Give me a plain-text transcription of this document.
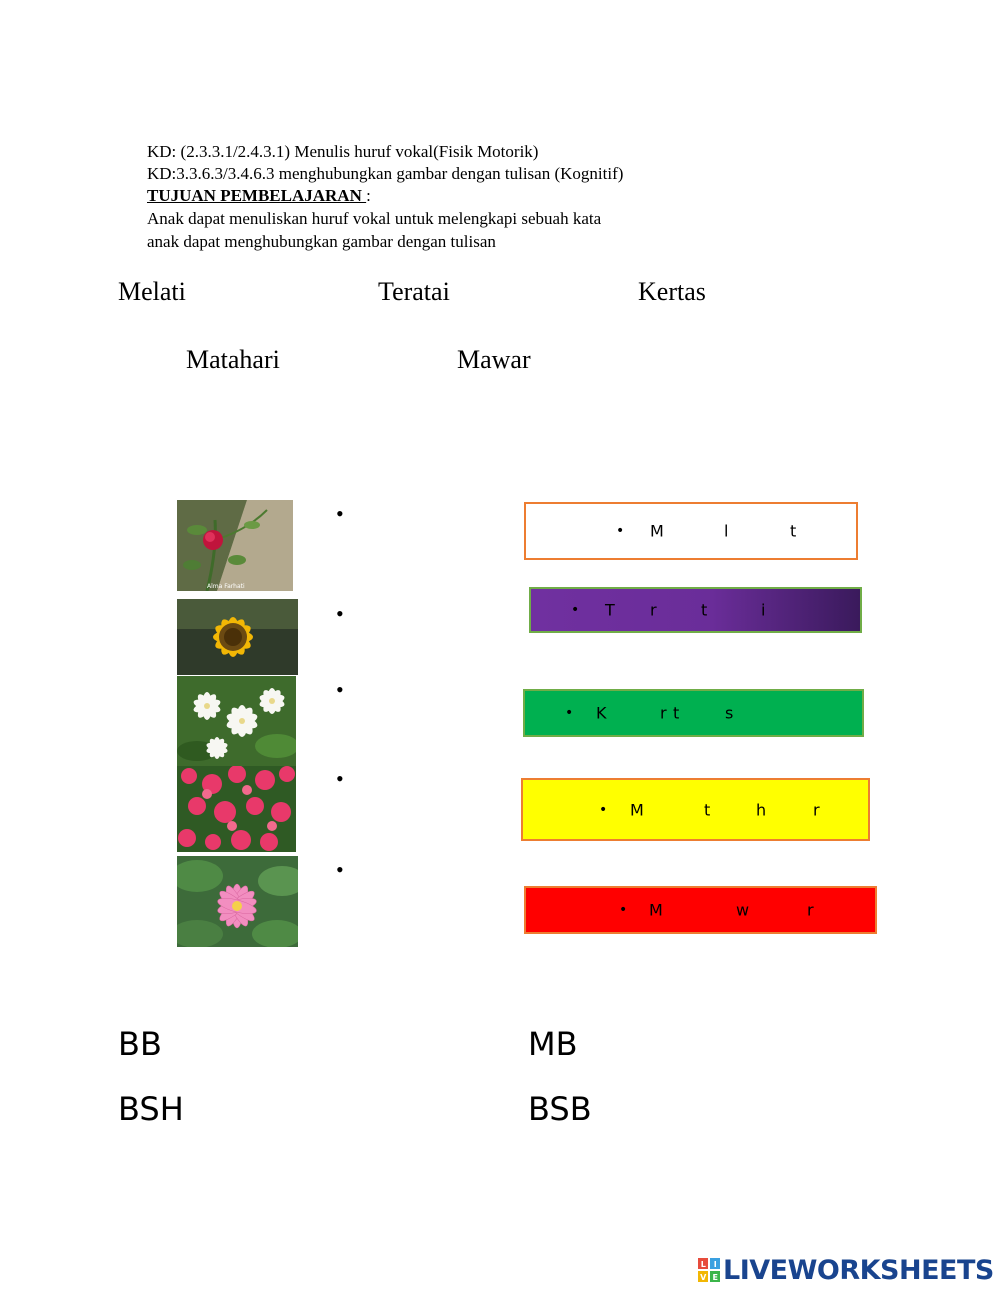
KD: (2.3.3.1/2.4.3.1) Menulis huruf vokal(Fisik Motorik)
KD:3.3.6.3/3.4.6.3 menghubungkan gambar dengan tulisan (Kognitif)
TUJUAN PEMBELAJARAN :
Anak dapat menuliskan huruf vokal untuk melengkapi sebuah kata
anak dapat menghubungkan gambar dengan tulisan
Melati	Teratai	Kertas
Matahari	Mawar
Alma Farhati
•
•
•
•
•
• M	l	t
• T r	t	i
• K	r t	s
• M	t	h	r
• M	w	r
BB	MB
BSH	BSB
L I
V E LIVEWORKSHEETS
